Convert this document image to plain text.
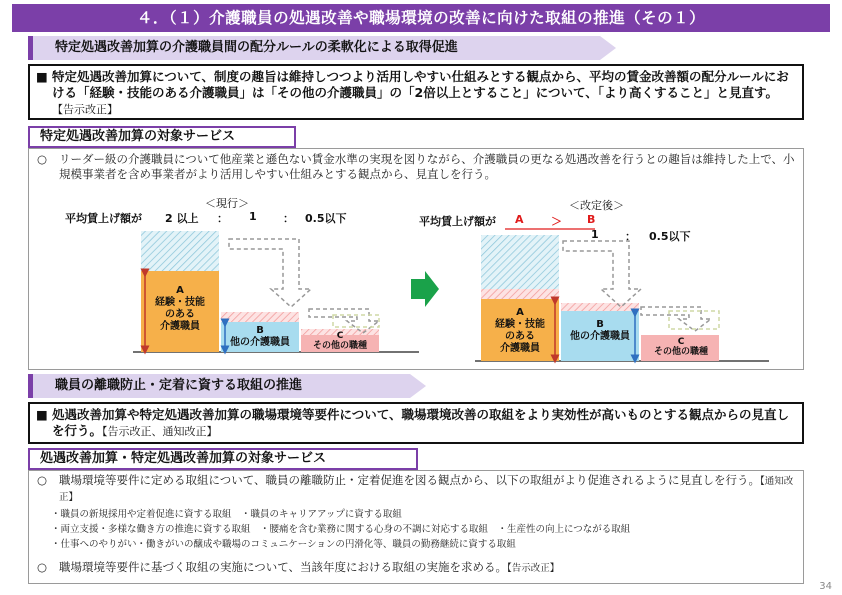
４．（１）介護職員の処遇改善や職場環境の改善に向けた取組の推進（その１）
特定処遇改善加算の介護職員間の配分ルールの柔軟化による取得促進
■ 特定処遇改善加算について、制度の趣旨は維持しつつより活用しやすい仕組みとする観点から、平均の賃金改善額の配分ルールにおける「経験・技能のある介護職員」は「その他の介護職員」の「2倍以上とすること」について、「より高くすること」と見直す。【告示改正】
特定処遇改善加算の対象サービス
○ リーダー級の介護職員について他産業と遜色ない賃金水準の実現を図りながら、介護職員の更なる処遇改善を行うとの趣旨は維持した上で、小規模事業者を含め事業者がより活用しやすい仕組みとする観点から、見直しを行う。
＜現行＞
平均賃上げ額が 2 以上 ： 1 ： 0.5以下
＜改定後＞
平均賃上げ額が A ＞ B
1 ： 0.5以下
A
経験・技能
のある
介護職員	B
他の介護職員
C
その他の職種
A
経験・技能
のある
介護職員
B
他の介護職員	C
その他の職種
職員の離職防止・定着に資する取組の推進
■ 処遇改善加算や特定処遇改善加算の職場環境等要件について、職場環境改善の取組をより実効性が高いものとする観点からの見直しを行う。【告示改正、通知改正】
処遇改善加算・特定処遇改善加算の対象サービス
○ 職場環境等要件に定める取組について、職員の離職防止・定着促進を図る観点から、以下の取組がより促進されるように見直しを行う。【通知改正】
・職員の新規採用や定着促進に資する取組　・職員のキャリアアップに資する取組
・両立支援・多様な働き方の推進に資する取組　・腰痛を含む業務に関する心身の不調に対応する取組　・生産性の向上につながる取組
・仕事へのやりがい・働きがいの醸成や職場のコミュニケーションの円滑化等、職員の勤務継続に資する取組
○ 職場環境等要件に基づく取組の実施について、当該年度における取組の実施を求める。【告示改正】
34
